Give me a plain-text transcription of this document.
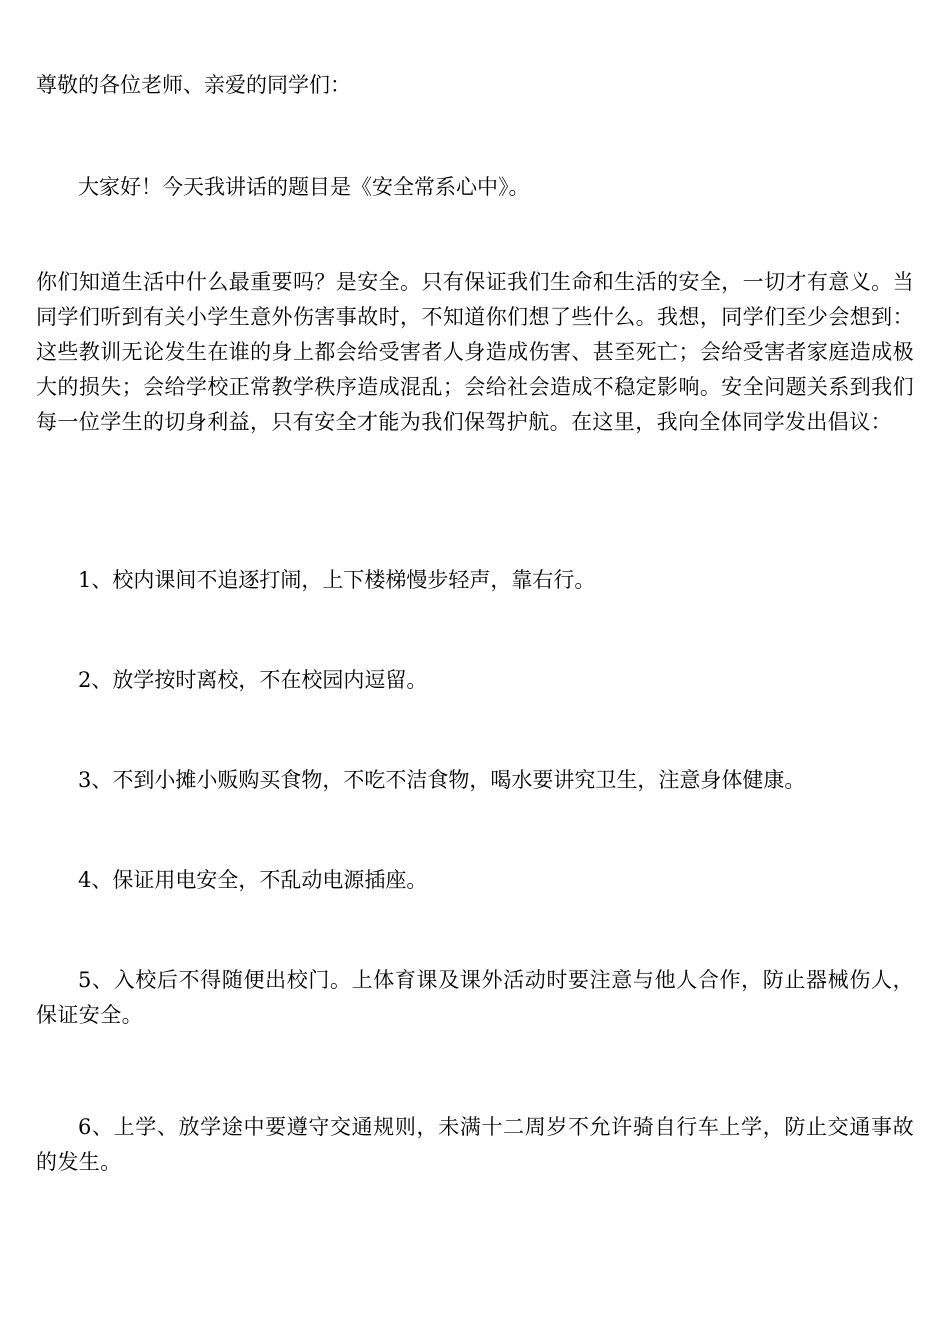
尊敬的各位老师、亲爱的同学们：

大家好！今天我讲话的题目是《安全常系心中》。

你们知道生活中什么最重要吗？是安全。只有保证我们生命和生活的安全，一切才有意义。当同学们听到有关小学生意外伤害事故时，不知道你们想了些什么。我想，同学们至少会想到：这些教训无论发生在谁的身上都会给受害者人身造成伤害、甚至死亡；会给受害者家庭造成极大的损失；会给学校正常教学秩序造成混乱；会给社会造成不稳定影响。安全问题关系到我们每一位学生的切身利益，只有安全才能为我们保驾护航。在这里，我向全体同学发出倡议：

1、校内课间不追逐打闹，上下楼梯慢步轻声，靠右行。

2、放学按时离校，不在校园内逗留。

3、不到小摊小贩购买食物，不吃不洁食物，喝水要讲究卫生，注意身体健康。

4、保证用电安全，不乱动电源插座。

5、入校后不得随便出校门。上体育课及课外活动时要注意与他人合作，防止器械伤人，保证安全。

6、上学、放学途中要遵守交通规则，未满十二周岁不允许骑自行车上学，防止交通事故的发生。
